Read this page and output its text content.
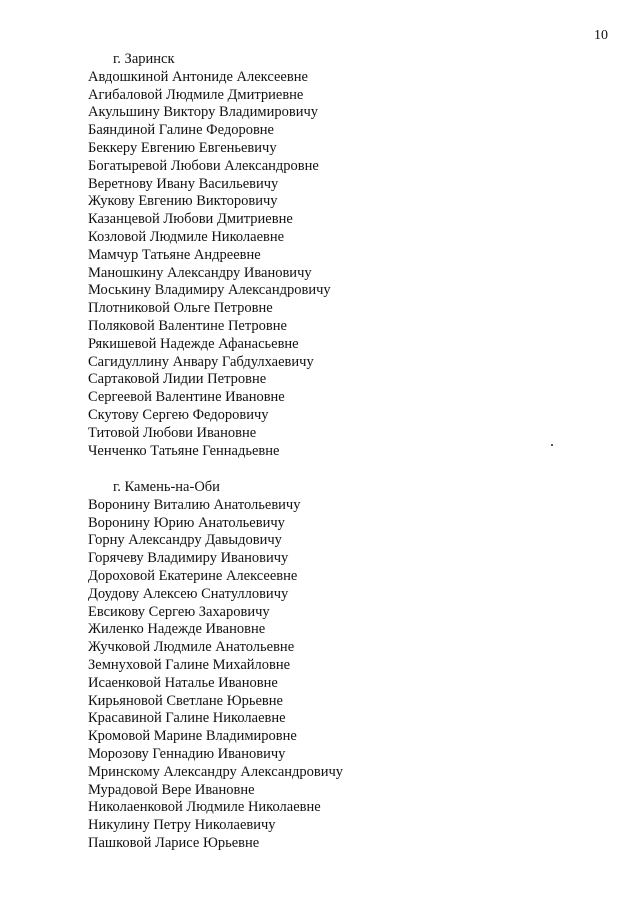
10
г. Заринск
Авдошкиной Антониде Алексеевне
Агибаловой Людмиле Дмитриевне
Акульшину Виктору Владимировичу
Баяндиной Галине Федоровне
Беккеру Евгению Евгеньевичу
Богатыревой Любови Александровне
Веретнову Ивану Васильевичу
Жукову Евгению Викторовичу
Казанцевой Любови Дмитриевне
Козловой Людмиле Николаевне
Мамчур Татьяне Андреевне
Маношкину Александру Ивановичу
Моськину Владимиру Александровичу
Плотниковой Ольге Петровне
Поляковой Валентине Петровне
Рякишевой Надежде Афанасьевне
Сагидуллину Анвару Габдулхаевичу
Сартаковой Лидии Петровне
Сергеевой Валентине Ивановне
Скутову Сергею Федоровичу
Титовой Любови Ивановне
Ченченко Татьяне Геннадьевне
г. Камень-на-Оби
Воронину Виталию Анатольевичу
Воронину Юрию Анатольевичу
Горну Александру Давыдовичу
Горячеву Владимиру Ивановичу
Дороховой Екатерине Алексеевне
Доудову Алексею Снатулловичу
Евсикову Сергею Захаровичу
Жиленко Надежде Ивановне
Жучковой Людмиле Анатольевне
Земнуховой Галине Михайловне
Исаенковой Наталье Ивановне
Кирьяновой Светлане Юрьевне
Красавиной Галине Николаевне
Кромовой Марине Владимировне
Морозову Геннадию Ивановичу
Мринскому Александру Александровичу
Мурадовой Вере Ивановне
Николаенковой Людмиле Николаевне
Никулину Петру Николаевичу
Пашковой Ларисе Юрьевне
